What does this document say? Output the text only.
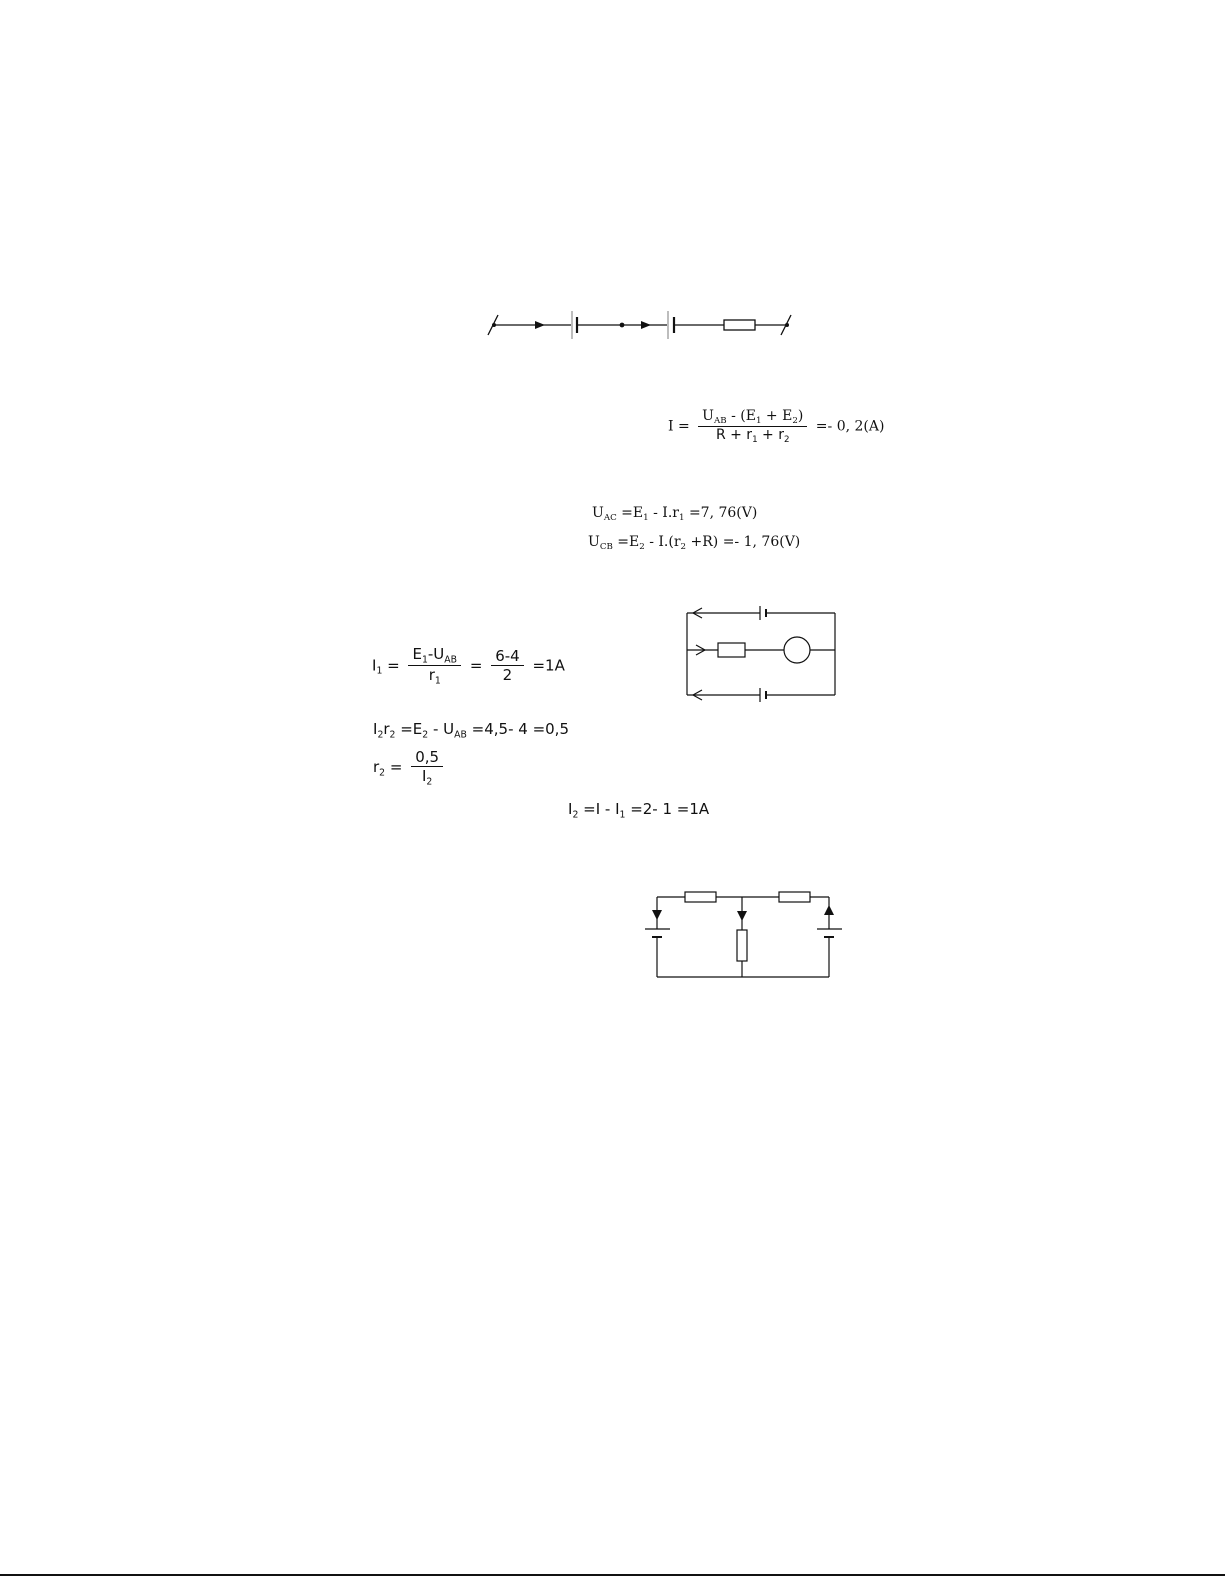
$I = \frac{U_{AB} - (E_1 + E_2)}{R + r_1 + r_2} =- 0$, 2(A)
$U_{AC} =E_1 - I.r_1 =7$, 76(V)
$U_{CB} =E_2 - I.(r_2 +R) =- 1$, 76(V)
$I_1 = \frac{E_1-U_{AB}}{r_1} = \frac{6-4}{2} =1A$
$I_2r_2 =E_2 - U_{AB} =4,5-$ 4 =0,5
$r_2 = \frac{0,5}{I_2}$
$I_2 =I - I_1 =2-$ 1 =1A
